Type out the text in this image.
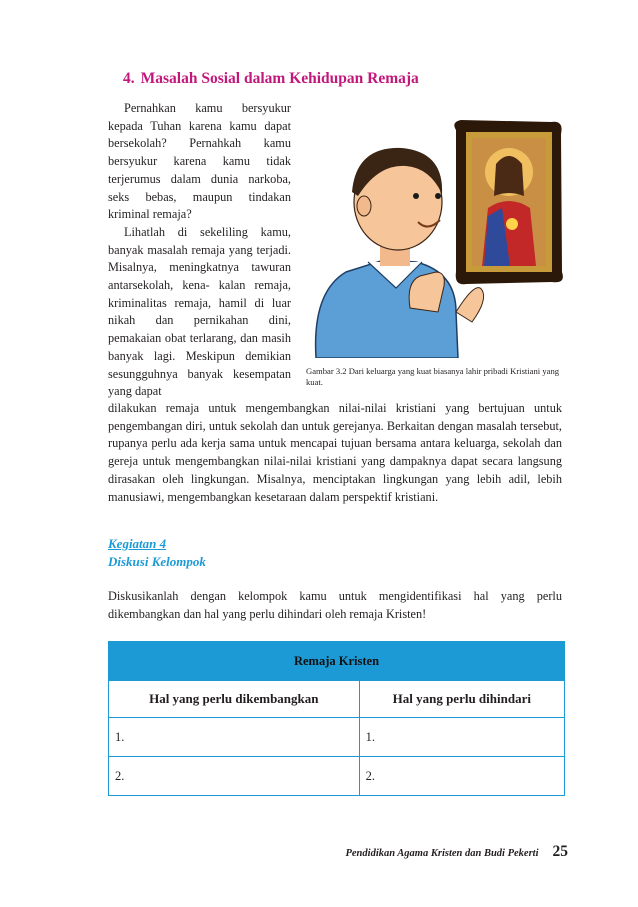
4. Masalah Sosial dalam Kehidupan Remaja

Pernahkan kamu bersyukur kepada Tuhan karena kamu dapat bersekolah? Pernahkah kamu bersyukur karena kamu tidak terjerumus dalam dunia narkoba, seks bebas, maupun tindakan kriminal remaja?

Lihatlah di sekeliling kamu, banyak masalah remaja yang terjadi. Misalnya, meningkatnya tawuran antarsekolah, kena- kalan remaja, kriminalitas remaja, hamil di luar nikah dan pernikahan dini, pemakaian obat terlarang, dan masih banyak lagi. Meskipun demikian sesungguhnya banyak kesempatan yang dapat

Gambar 3.2 Dari keluarga yang kuat biasanya lahir pribadi Kristiani yang kuat.

dilakukan remaja untuk mengembangkan nilai-nilai kristiani yang bertujuan untuk pengembangan diri, untuk sekolah dan untuk gerejanya. Berkaitan dengan masalah tersebut, rupanya perlu ada kerja sama untuk mencapai tujuan bersama antara keluarga, sekolah dan gereja untuk mengembangkan nilai-nilai kristiani yang dampaknya dapat secara langsung dirasakan oleh lingkungan. Misalnya, menciptakan lingkungan yang lebih adil, lebih manusiawi, mengembangkan kesetaraan dalam perspektif kristiani.

Kegiatan 4
Diskusi Kelompok

Diskusikanlah dengan kelompok kamu untuk mengidentifikasi hal yang perlu dikembangkan dan hal yang perlu dihindari oleh remaja Kristen!

Remaja Kristen	
Hal yang perlu dikembangkan	Hal yang perlu dihindari
1.	1.
2.	2.
Pendidikan Agama Kristen dan Budi Pekerti 25
